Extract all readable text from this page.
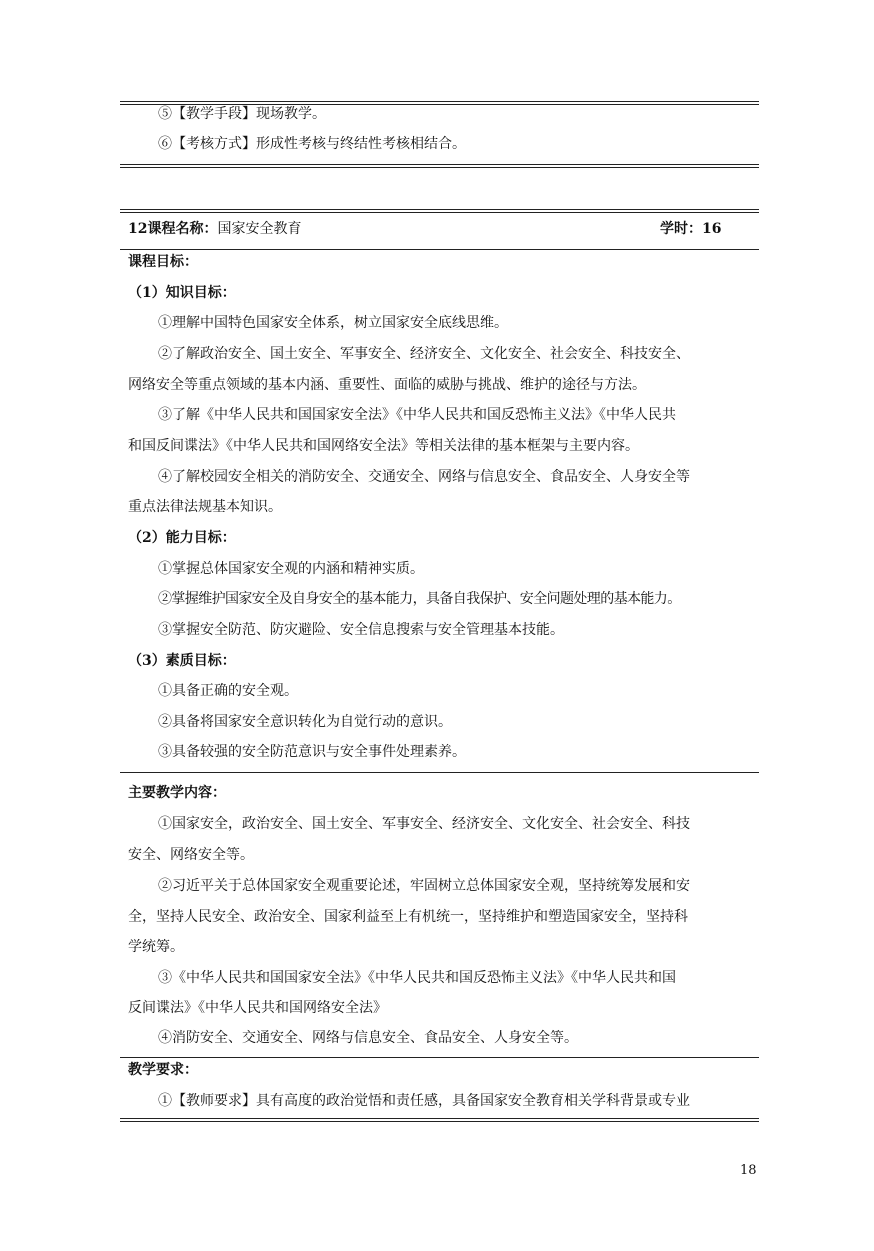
⑤【教学手段】现场教学。
⑥【考核方式】形成性考核与终结性考核相结合。
12课程名称：国家安全教育	学时：16
课程目标：
（1）知识目标：
①理解中国特色国家安全体系，树立国家安全底线思维。
②了解政治安全、国土安全、军事安全、经济安全、文化安全、社会安全、科技安全、
网络安全等重点领域的基本内涵、重要性、面临的威胁与挑战、维护的途径与方法。
③了解《中华人民共和国国家安全法》《中华人民共和国反恐怖主义法》《中华人民共
和国反间谍法》《中华人民共和国网络安全法》等相关法律的基本框架与主要内容。
④了解校园安全相关的消防安全、交通安全、网络与信息安全、食品安全、人身安全等
重点法律法规基本知识。
（2）能力目标：
①掌握总体国家安全观的内涵和精神实质。
②掌握维护国家安全及自身安全的基本能力，具备自我保护、安全问题处理的基本能力。
③掌握安全防范、防灾避险、安全信息搜索与安全管理基本技能。
（3）素质目标：
①具备正确的安全观。
②具备将国家安全意识转化为自觉行动的意识。
③具备较强的安全防范意识与安全事件处理素养。
主要教学内容：
①国家安全，政治安全、国土安全、军事安全、经济安全、文化安全、社会安全、科技
安全、网络安全等。
②习近平关于总体国家安全观重要论述，牢固树立总体国家安全观，坚持统筹发展和安
全，坚持人民安全、政治安全、国家利益至上有机统一，坚持维护和塑造国家安全，坚持科
学统筹。
③《中华人民共和国国家安全法》《中华人民共和国反恐怖主义法》《中华人民共和国
反间谍法》《中华人民共和国网络安全法》
④消防安全、交通安全、网络与信息安全、食品安全、人身安全等。
教学要求：
①【教师要求】具有高度的政治觉悟和责任感，具备国家安全教育相关学科背景或专业
18
